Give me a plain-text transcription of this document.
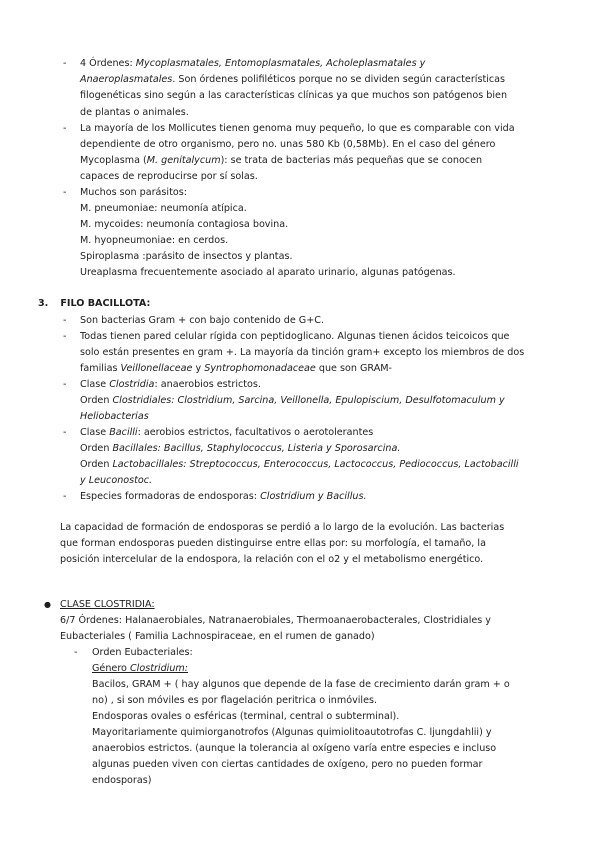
- 4 Órdenes: Mycoplasmatales, Entomoplasmatales, Acholeplasmatales y
Anaeroplasmatales. Son órdenes polifiléticos porque no se dividen según características
filogenéticas sino según a las características clínicas ya que muchos son patógenos bien
de plantas o animales.
- La mayoría de los Mollicutes tienen genoma muy pequeño, lo que es comparable con vida
dependiente de otro organismo, pero no. unas 580 Kb (0,58Mb). En el caso del género
Mycoplasma (M. genitalycum): se trata de bacterias más pequeñas que se conocen
capaces de reproducirse por sí solas.
- Muchos son parásitos:
M. pneumoniae: neumonía atípica.
M. mycoides: neumonía contagiosa bovina.
M. hyopneumoniae: en cerdos.
Spiroplasma :parásito de insectos y plantas.
Ureaplasma frecuentemente asociado al aparato urinario, algunas patógenas.
3. FILO BACILLOTA:
- Son bacterias Gram + con bajo contenido de G+C.
- Todas tienen pared celular rígida con peptidoglicano. Algunas tienen ácidos teicoicos que
solo están presentes en gram +. La mayoría da tinción gram+ excepto los miembros de dos
familias Veillonellaceae y Syntrophomonadaceae que son GRAM-
- Clase Clostridia: anaerobios estrictos.
Orden Clostridiales: Clostridium, Sarcina, Veillonella, Epulopiscium, Desulfotomaculum y
Heliobacterias
- Clase Bacilli: aerobios estrictos, facultativos o aerotolerantes
Orden Bacillales: Bacillus, Staphylococcus, Listeria y Sporosarcina.
Orden Lactobacillales: Streptococcus, Enterococcus, Lactococcus, Pediococcus, Lactobacilli
y Leuconostoc.
- Especies formadoras de endosporas: Clostridium y Bacillus.
La capacidad de formación de endosporas se perdió a lo largo de la evolución. Las bacterias
que forman endosporas pueden distinguirse entre ellas por: su morfología, el tamaño, la
posición intercelular de la endospora, la relación con el o2 y el metabolismo energético.
● CLASE CLOSTRIDIA:
6/7 Órdenes: Halanaerobiales, Natranaerobiales, Thermoanaerobacterales, Clostridiales y
Eubacteriales ( Familia Lachnospiraceae, en el rumen de ganado)
- Orden Eubacteriales:
Género Clostridium:
Bacilos, GRAM + ( hay algunos que depende de la fase de crecimiento darán gram + o
no) , si son móviles es por flagelación peritrica o inmóviles.
Endosporas ovales o esféricas (terminal, central o subterminal).
Mayoritariamente quimiorganotrofos (Algunas quimiolitoautotrofas C. ljungdahlii) y
anaerobios estrictos. (aunque la tolerancia al oxígeno varía entre especies e incluso
algunas pueden viven con ciertas cantidades de oxígeno, pero no pueden formar
endosporas)
